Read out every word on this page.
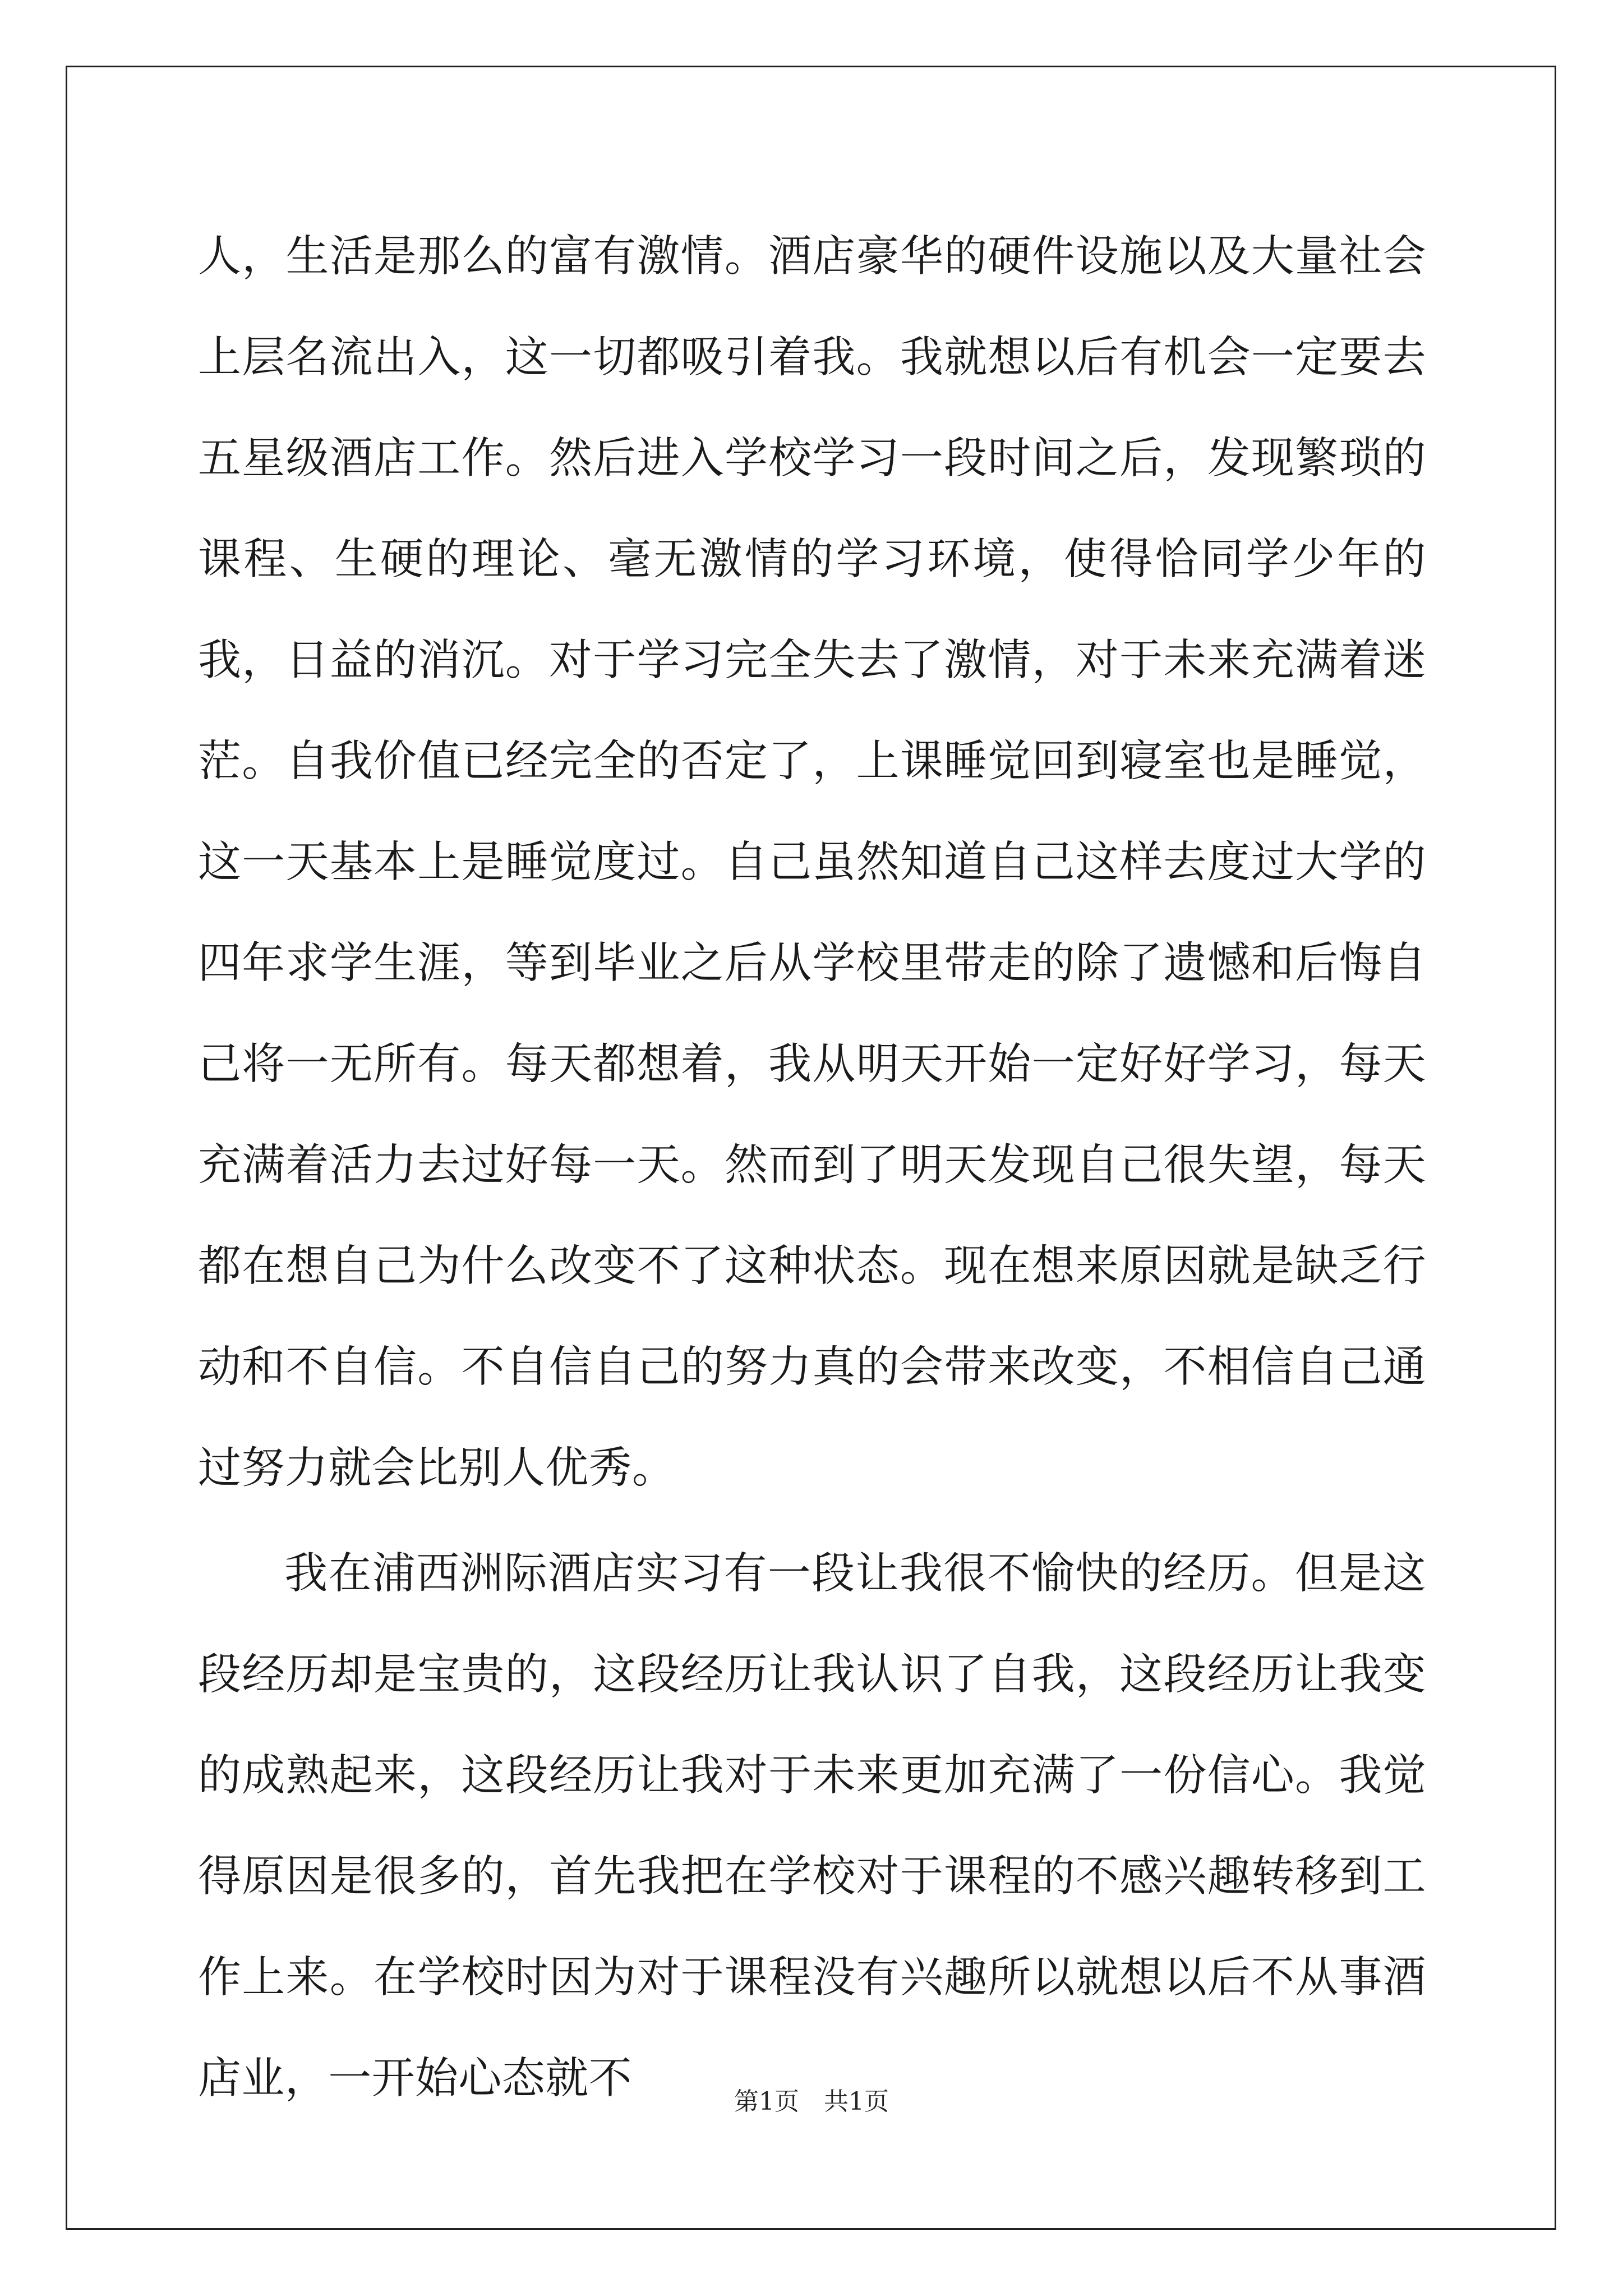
人，生活是那么的富有激情。酒店豪华的硬件设施以及大量社会上层名流出入，这一切都吸引着我。我就想以后有机会一定要去五星级酒店工作。然后进入学校学习一段时间之后，发现繁琐的课程、生硬的理论、毫无激情的学习环境，使得恰同学少年的我，日益的消沉。对于学习完全失去了激情，对于未来充满着迷茫。自我价值已经完全的否定了，上课睡觉回到寝室也是睡觉，这一天基本上是睡觉度过。自己虽然知道自己这样去度过大学的四年求学生涯，等到毕业之后从学校里带走的除了遗憾和后悔自己将一无所有。每天都想着，我从明天开始一定好好学习，每天充满着活力去过好每一天。然而到了明天发现自己很失望，每天都在想自己为什么改变不了这种状态。现在想来原因就是缺乏行动和不自信。不自信自己的努力真的会带来改变，不相信自己通过努力就会比别人优秀。

我在浦西洲际酒店实习有一段让我很不愉快的经历。但是这段经历却是宝贵的，这段经历让我认识了自我，这段经历让我变的成熟起来，这段经历让我对于未来更加充满了一份信心。我觉得原因是很多的，首先我把在学校对于课程的不感兴趣转移到工作上来。在学校时因为对于课程没有兴趣所以就想以后不从事酒店业，一开始心态就不	第1页　共1页
